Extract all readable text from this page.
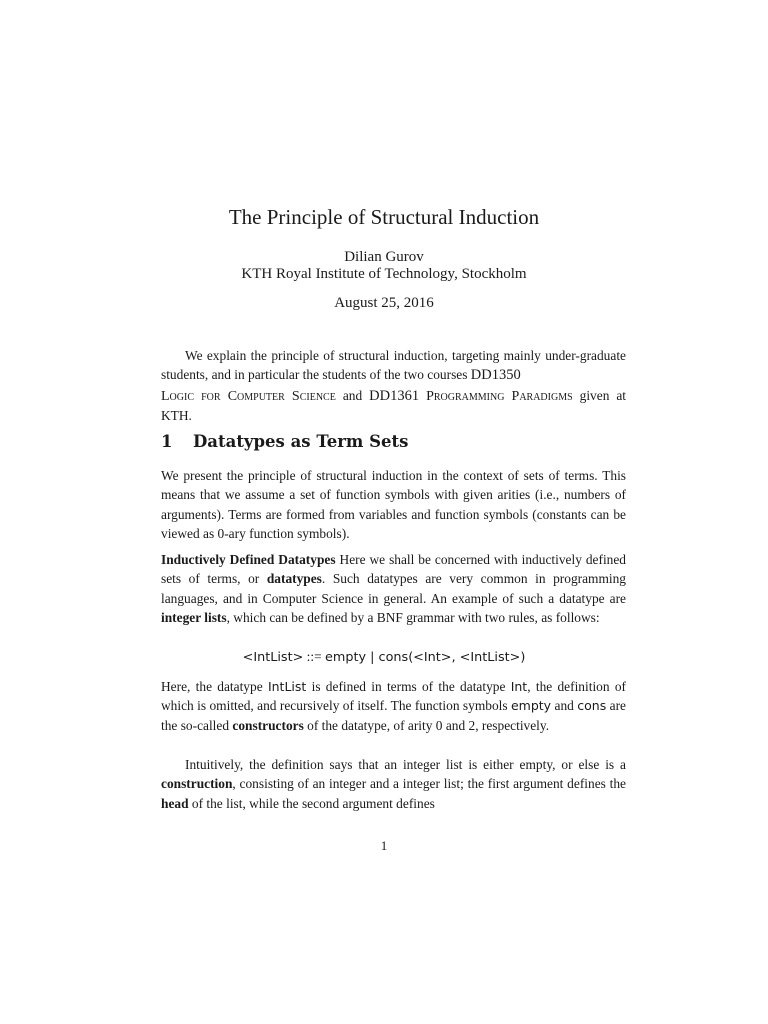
The Principle of Structural Induction
Dilian Gurov
KTH Royal Institute of Technology, Stockholm
August 25, 2016
We explain the principle of structural induction, targeting mainly under-graduate students, and in particular the students of the two courses DD1350
Logic for Computer Science and DD1361 Programming Paradigms given at KTH.
1 Datatypes as Term Sets
We present the principle of structural induction in the context of sets of terms. This means that we assume a set of function symbols with given arities (i.e., numbers of arguments). Terms are formed from variables and function symbols (constants can be viewed as 0-ary function symbols).
Inductively Defined Datatypes Here we shall be concerned with inductively defined sets of terms, or datatypes. Such datatypes are very common in programming languages, and in Computer Science in general. An example of such a datatype are integer lists, which can be defined by a BNF grammar with two rules, as follows:
<IntList> ::= empty | cons(<Int>, <IntList>)
Here, the datatype IntList is defined in terms of the datatype Int, the definition of which is omitted, and recursively of itself. The function symbols empty and cons are the so-called constructors of the datatype, of arity 0 and 2, respectively.
Intuitively, the definition says that an integer list is either empty, or else is a construction, consisting of an integer and a integer list; the first argument defines the head of the list, while the second argument defines
1
